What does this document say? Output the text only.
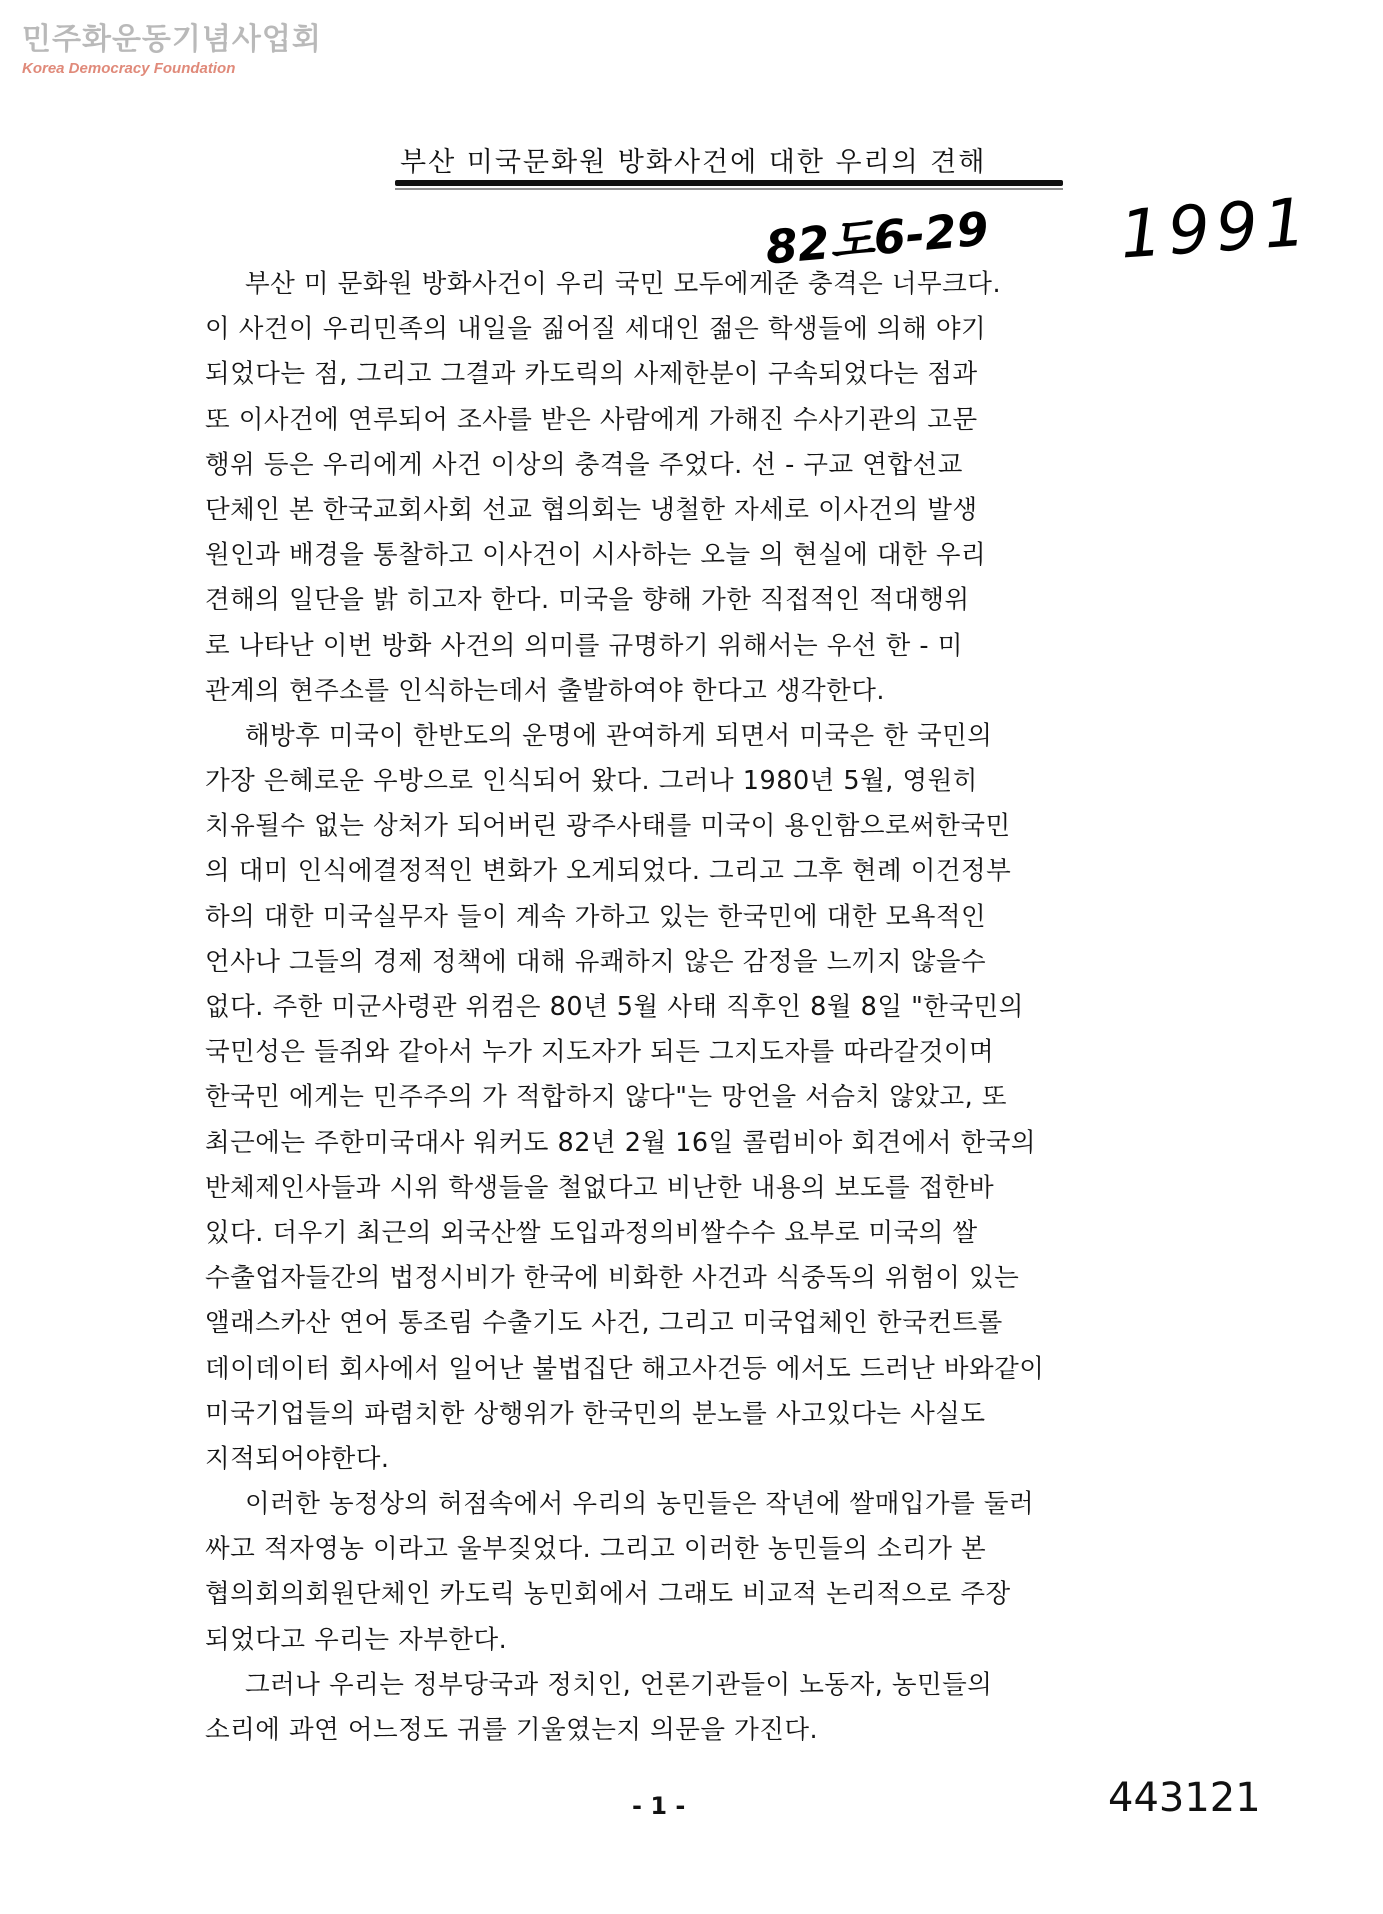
민주화운동기념사업회
Korea Democracy Foundation
부산 미국문화원 방화사건에 대한 우리의 견해
82도6-29 1991
부산 미 문화원 방화사건이 우리 국민 모두에게준 충격은 너무크다.
이 사건이 우리민족의 내일을 짊어질 세대인 젊은 학생들에 의해 야기
되었다는 점, 그리고 그결과 카도릭의 사제한분이 구속되었다는 점과
또 이사건에 연루되어 조사를 받은 사람에게 가해진 수사기관의 고문
행위 등은 우리에게 사건 이상의 충격을 주었다. 선 - 구교 연합선교
단체인 본 한국교회사회 선교 협의회는 냉철한 자세로 이사건의 발생
원인과 배경을 통찰하고 이사건이 시사하는 오늘 의 현실에 대한 우리
견해의 일단을 밝 히고자 한다. 미국을 향해 가한 직접적인 적대행위
로 나타난 이번 방화 사건의 의미를 규명하기 위해서는 우선 한 - 미
관계의 현주소를 인식하는데서 출발하여야 한다고 생각한다.
해방후 미국이 한반도의 운명에 관여하게 되면서 미국은 한 국민의
가장 은혜로운 우방으로 인식되어 왔다. 그러나 1980년 5월, 영원히
치유될수 없는 상처가 되어버린 광주사태를 미국이 용인함으로써한국민
의 대미 인식에결정적인 변화가 오게되었다. 그리고 그후 현례 이건정부
하의 대한 미국실무자 들이 계속 가하고 있는 한국민에 대한 모욕적인
언사나 그들의 경제 정책에 대해 유쾌하지 않은 감정을 느끼지 않을수
없다. 주한 미군사령관 위컴은 80년 5월 사태 직후인 8월 8일 "한국민의
국민성은 들쥐와 같아서 누가 지도자가 되든 그지도자를 따라갈것이며
한국민 에게는 민주주의 가 적합하지 않다"는 망언을 서슴치 않았고, 또
최근에는 주한미국대사 워커도 82년 2월 16일 콜럼비아 회견에서 한국의
반체제인사들과 시위 학생들을 철없다고 비난한 내용의 보도를 접한바
있다. 더우기 최근의 외국산쌀 도입과정의비쌀수수 요부로 미국의 쌀
수출업자들간의 법정시비가 한국에 비화한 사건과 식중독의 위험이 있는
앨래스카산 연어 통조림 수출기도 사건, 그리고 미국업체인 한국컨트롤
데이데이터 회사에서 일어난 불법집단 해고사건등 에서도 드러난 바와같이
미국기업들의 파렴치한 상행위가 한국민의 분노를 사고있다는 사실도
지적되어야한다.
이러한 농정상의 허점속에서 우리의 농민들은 작년에 쌀매입가를 둘러
싸고 적자영농 이라고 울부짖었다. 그리고 이러한 농민들의 소리가 본
협의회의회원단체인 카도릭 농민회에서 그래도 비교적 논리적으로 주장
되었다고 우리는 자부한다.
그러나 우리는 정부당국과 정치인, 언론기관들이 노동자, 농민들의
소리에 과연 어느정도 귀를 기울였는지 의문을 가진다.
- 1 -	443121
